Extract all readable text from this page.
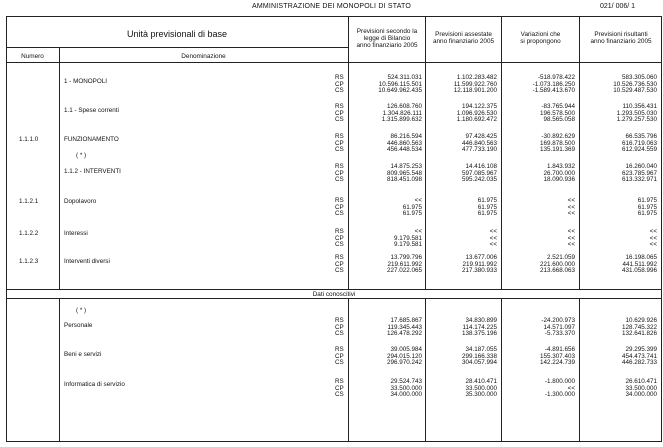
AMMINISTRAZIONE DEI MONOPOLI DI STATO	021/ 006/ 1
Unità previsionali di base
Numero	Denominazione
Previsioni secondo la
legge di Bilancio
anno finanziario 2005
Previsioni assestate
anno finanziario 2005
Variazioni che
si propongono
Previsioni risultanti
anno finanziario 2005
Dati conoscitivi
( * )
1 - MONOPOLI
RS	524.311.031	1.102.283.482	-518.978.422	583.305.060
CP	10.596.115.501	11.599.922.760	-1.073.186.250	10.526.736.530
CS	10.649.962.435	12.118.901.200	-1.589.413.670	10.529.487.530
1.1 - Spese correnti
RS	126.608.760	194.122.375	-83.765.944	110.356.431
CP	1.304.826.111	1.096.926.530	196.578.500	1.293.505.030
CS	1.315.899.632	1.180.692.472	98.565.058	1.279.257.530
1.1.1.0	FUNZIONAMENTO
( * )
RS	86.216.594	97.428.425	-30.892.629	66.535.796
CP	446.860.563	446.840.563	169.878.500	616.719.063
CS	456.448.534	477.733.190	135.191.369	612.924.559
1.1.2 - INTERVENTI
RS	14.875.253	14.416.108	1.843.932	16.260.040
CP	809.965.548	597.085.967	26.700.000	623.785.967
CS	818.451.098	595.242.035	18.090.936	613.332.971
1.1.2.1	Dopolavoro	RS	<<	61.975	<<	61.975
CP	61.975	61.975	<<	61.975
CS	61.975	61.975	<<	61.975
1.1.2.2	Interessi	RS	<<	<<	<<	<<
CP	9.179.581	<<	<<	<<
CS	9.179.581	<<	<<	<<
1.1.2.3	Interventi diversi
RS	13.799.796	13.677.006	2.521.059	16.198.065
CP	219.611.992	219.911.992	221.600.000	441.511.992
CS	227.022.065	217.380.933	213.668.063	431.058.996
Personale
RS	17.685.867	34.830.899	-24.200.973	10.629.926
CP	119.345.443	114.174.225	14.571.097	128.745.322
CS	126.478.292	138.375.196	-5.733.370	132.641.826
Beni e servizi
RS	39.005.984	34.187.055	-4.891.656	29.295.399
CP	294.015.120	299.166.338	155.307.403	454.473.741
CS	296.970.242	304.057.994	142.224.739	446.282.733
Informatica di servizio	RS	29.524.743	28.410.471	-1.800.000	26.610.471
CP	33.500.000	33.500.000	<<	33.500.000
CS	34.000.000	35.300.000	-1.300.000	34.000.000
